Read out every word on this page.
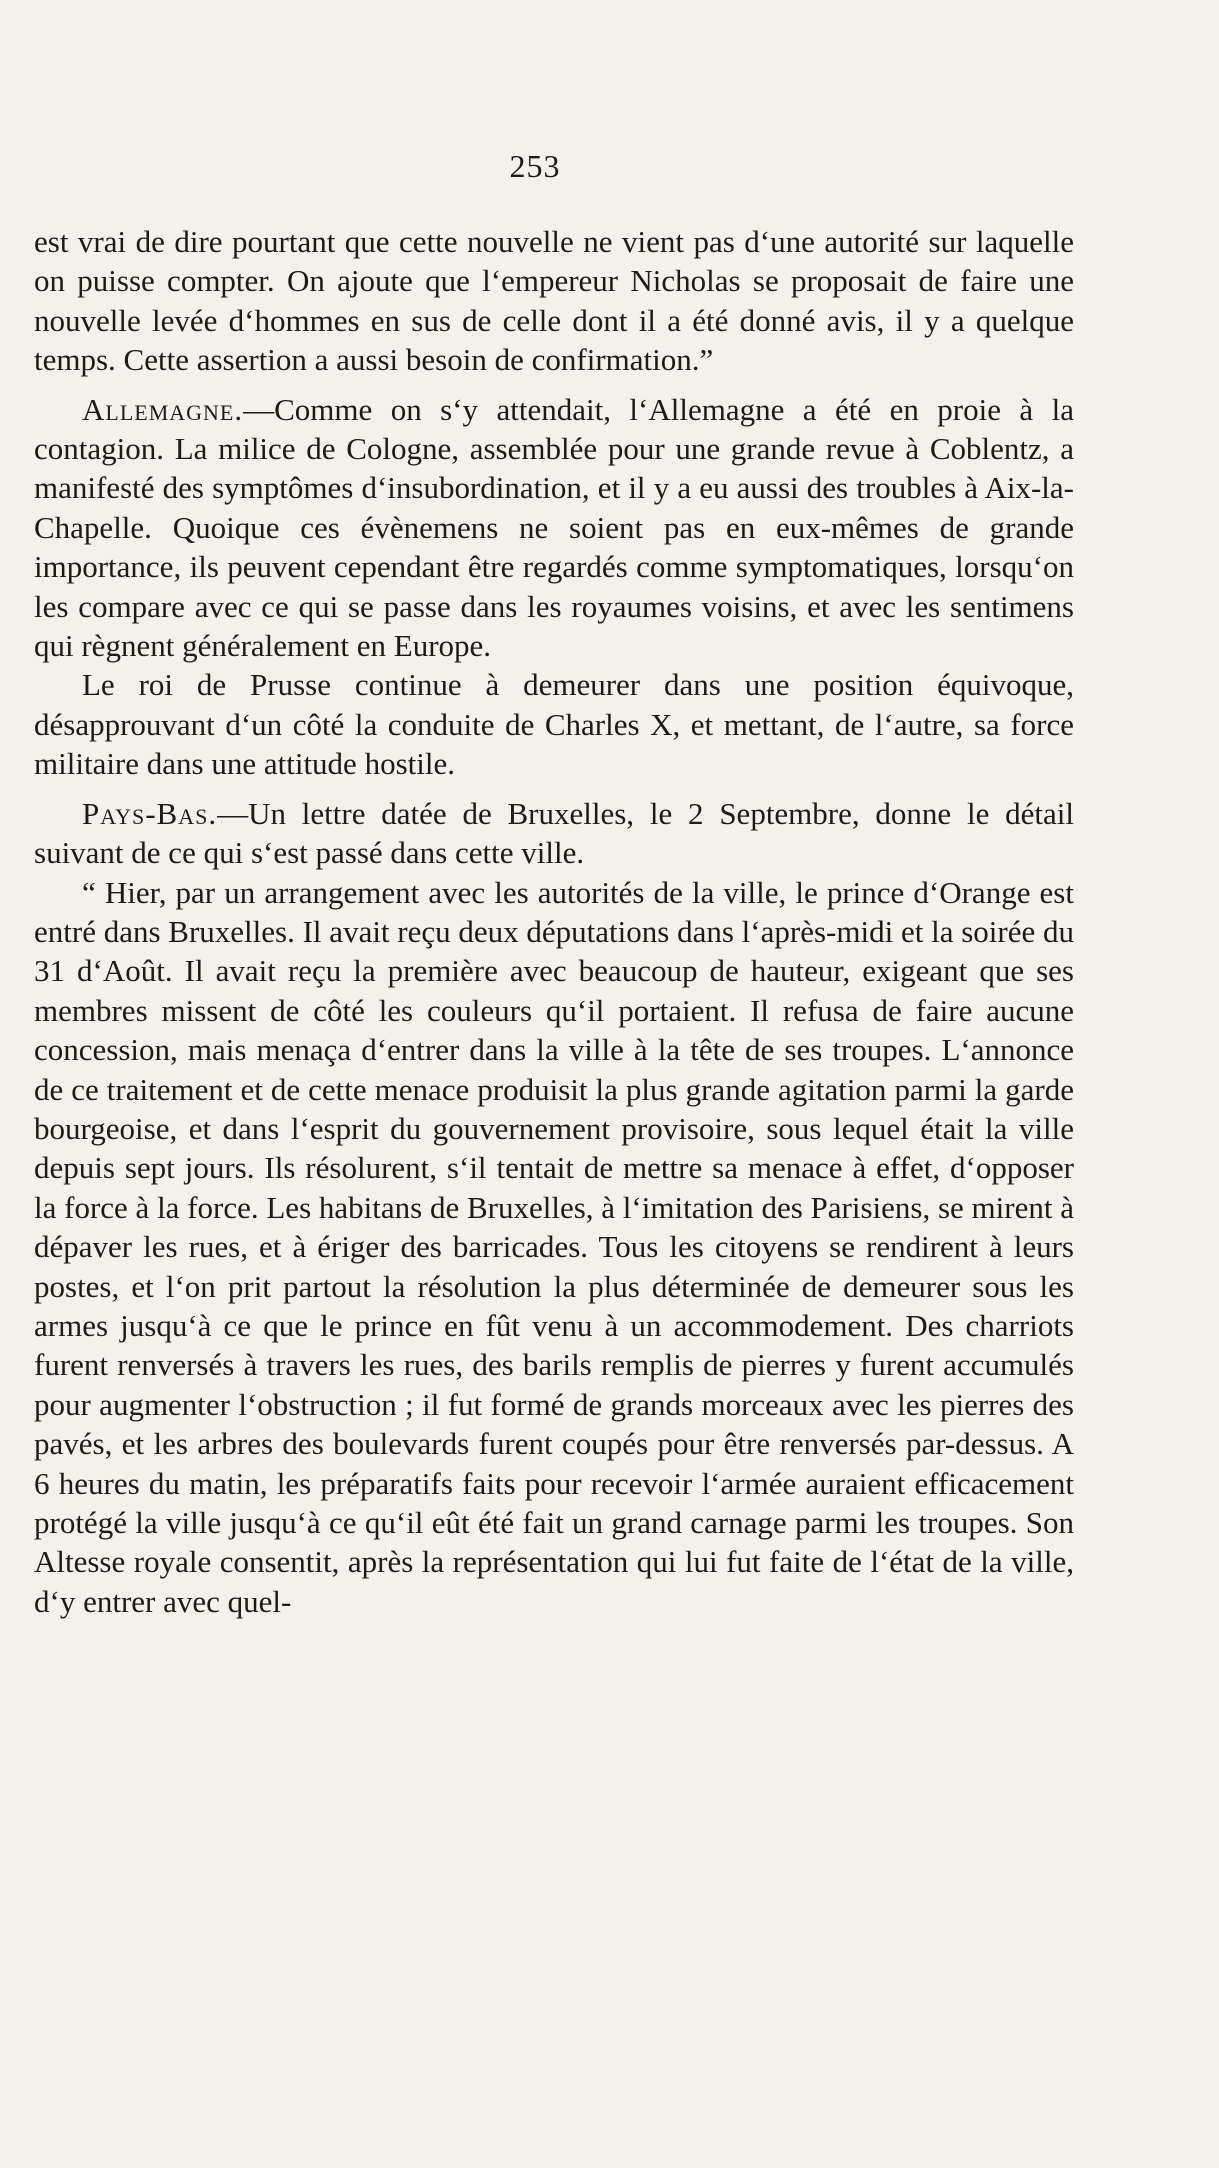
253

est vrai de dire pourtant que cette nouvelle ne vient pas d‘une autorité sur laquelle on puisse compter. On ajoute que l‘empereur Nicholas se proposait de faire une nouvelle levée d‘hommes en sus de celle dont il a été donné avis, il y a quelque temps. Cette assertion a aussi besoin de confirmation.”

Allemagne.—Comme on s‘y attendait, l‘Allemagne a été en proie à la contagion. La milice de Cologne, assemblée pour une grande revue à Coblentz, a manifesté des symptômes d‘insubordination, et il y a eu aussi des troubles à Aix-la-Chapelle. Quoique ces évènemens ne soient pas en eux-mêmes de grande importance, ils peuvent cependant être regardés comme symptomatiques, lorsqu‘on les compare avec ce qui se passe dans les royaumes voisins, et avec les sentimens qui règnent généralement en Europe.

Le roi de Prusse continue à demeurer dans une position équivoque, désapprouvant d‘un côté la conduite de Charles X, et mettant, de l‘autre, sa force militaire dans une attitude hostile.

Pays-Bas.—Un lettre datée de Bruxelles, le 2 Septembre, donne le détail suivant de ce qui s‘est passé dans cette ville.

“ Hier, par un arrangement avec les autorités de la ville, le prince d‘Orange est entré dans Bruxelles. Il avait reçu deux députations dans l‘après-midi et la soirée du 31 d‘Août. Il avait reçu la première avec beaucoup de hauteur, exigeant que ses membres missent de côté les couleurs qu‘il portaient. Il refusa de faire aucune concession, mais menaça d‘entrer dans la ville à la tête de ses troupes. L‘annonce de ce traitement et de cette menace produisit la plus grande agitation parmi la garde bourgeoise, et dans l‘esprit du gouvernement provisoire, sous lequel était la ville depuis sept jours. Ils résolurent, s‘il tentait de mettre sa menace à effet, d‘opposer la force à la force. Les habitans de Bruxelles, à l‘imitation des Parisiens, se mirent à dépaver les rues, et à ériger des barricades. Tous les citoyens se rendirent à leurs postes, et l‘on prit partout la résolution la plus déterminée de demeurer sous les armes jusqu‘à ce que le prince en fût venu à un accommodement. Des charriots furent renversés à travers les rues, des barils remplis de pierres y furent accumulés pour augmenter l‘obstruction ; il fut formé de grands morceaux avec les pierres des pavés, et les arbres des boulevards furent coupés pour être renversés par-dessus. A 6 heures du matin, les préparatifs faits pour recevoir l‘armée auraient efficacement protégé la ville jusqu‘à ce qu‘il eût été fait un grand carnage parmi les troupes. Son Altesse royale consentit, après la représentation qui lui fut faite de l‘état de la ville, d‘y entrer avec quel-
